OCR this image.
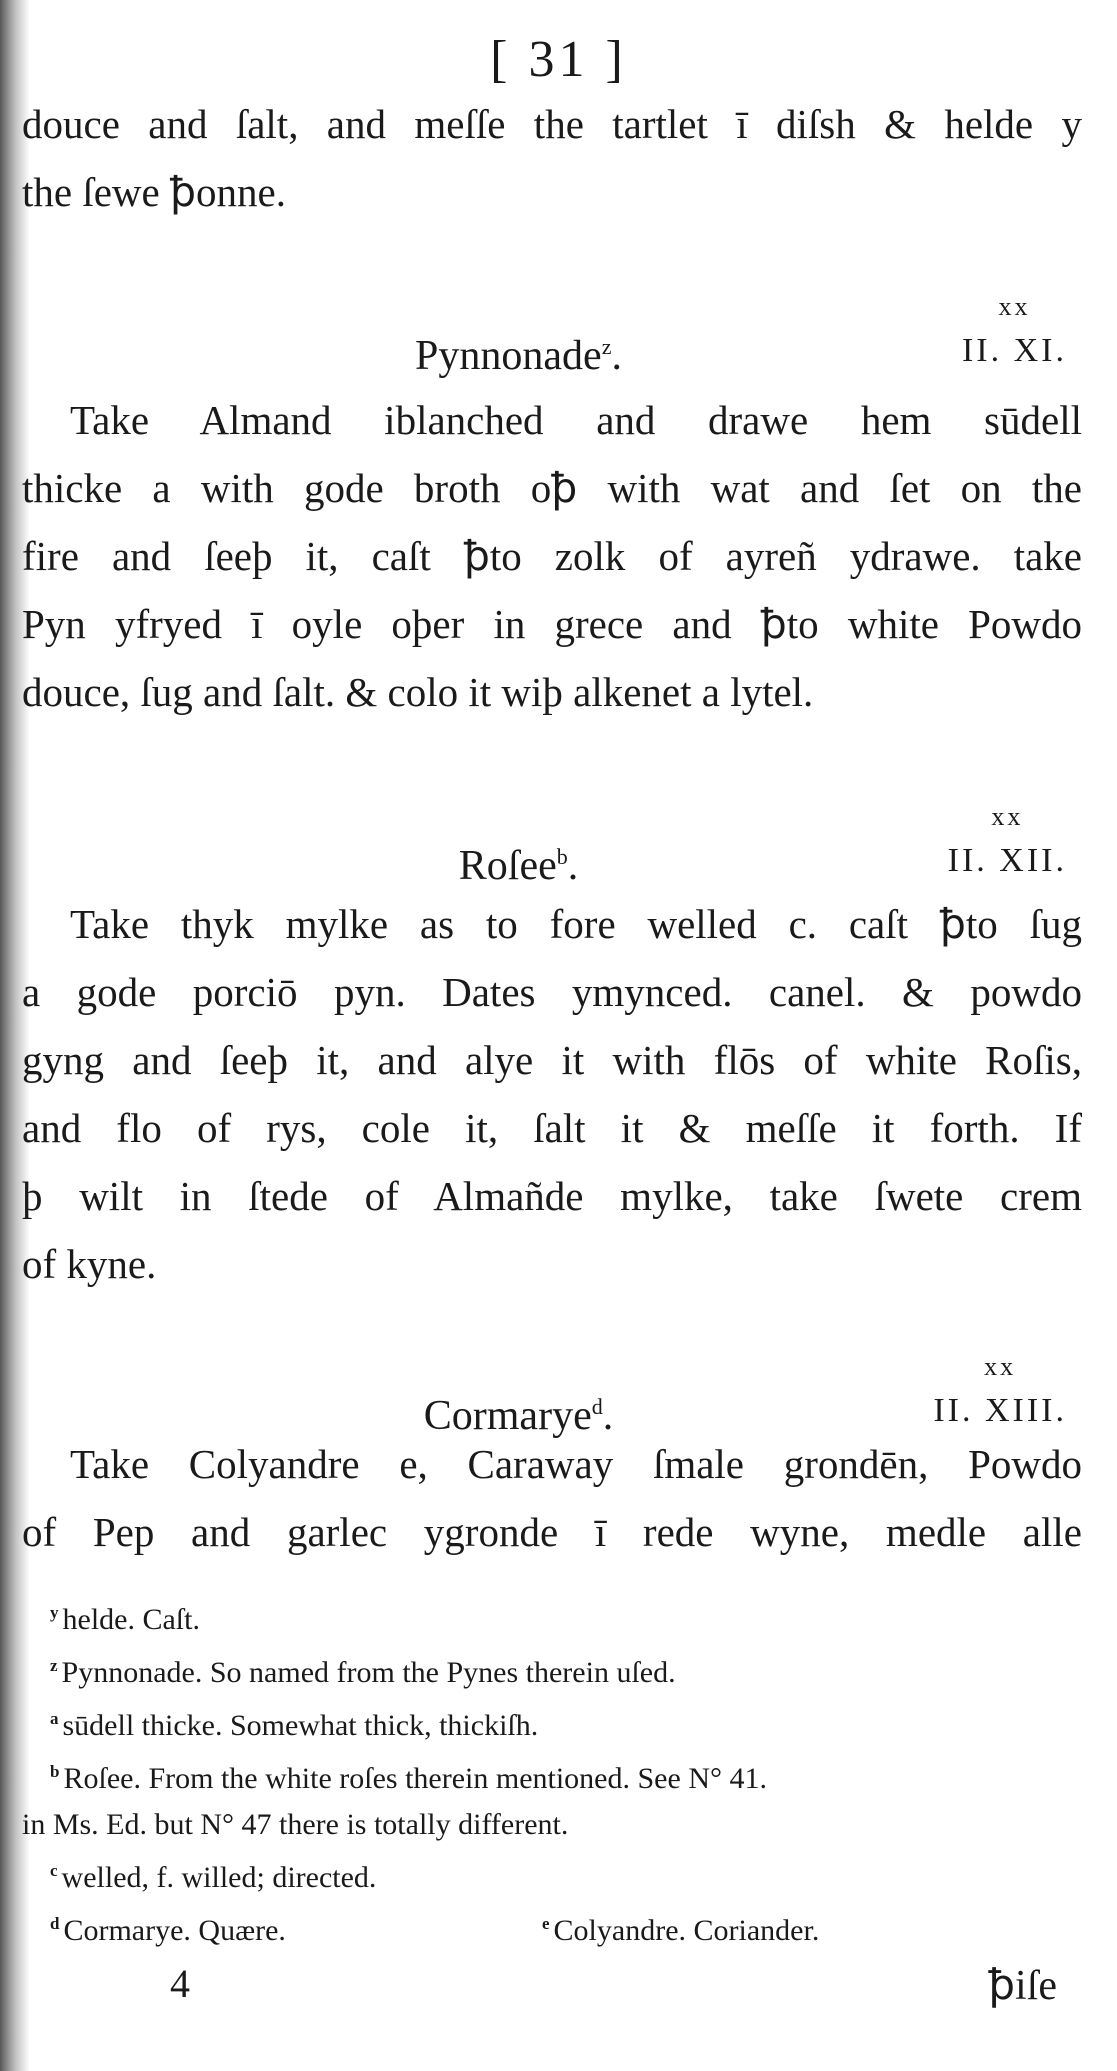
[ 31 ]
douce and ſalt, and meſſe the tartlet ī diſsh & helde y
the ſewe ꝥonne.
Pynnonade$^z$.
xx
II. XI.
Take Almand iblanched and drawe hem sūdell
thicke a with gode broth oꝥ with wat and ſet on the
fire and ſeeþ it, caſt ꝥto zolk of ayreñ ydrawe. take
Pyn yfryed ī oyle oþer in grece and ꝥto white Powdo
douce, ſug and ſalt. & colo it wiþ alkenet a lytel.
Roſee$^b$.
xx
II. XII.
Take thyk mylke as to fore welled c. caſt ꝥto ſug
a gode porciō pyn. Dates ymynced. canel. & powdo
gyng and ſeeþ it, and alye it with flōs of white Roſis,
and flo of rys, cole it, ſalt it & meſſe it forth. If
þ wilt in ſtede of Almañde mylke, take ſwete crem
of kyne.
Cormarye$^d$.
xx
II. XIII.
Take Colyandre e, Caraway ſmale grondēn, Powdo
of Pep and garlec ygronde ī rede wyne, medle alle
$^y$ helde. Caſt.
$^z$ Pynnonade. So named from the Pynes therein uſed.
$^a$ sūdell thicke. Somewhat thick, thickiſh.
$^b$ Roſee. From the white roſes therein mentioned. See N° 41.
in Ms. Ed. but N° 47 there is totally different.
$^c$ welled, f. willed; directed.
$^d$ Cormarye. Quære.	$^e$ Colyandre. Coriander.
4	ꝥiſe
